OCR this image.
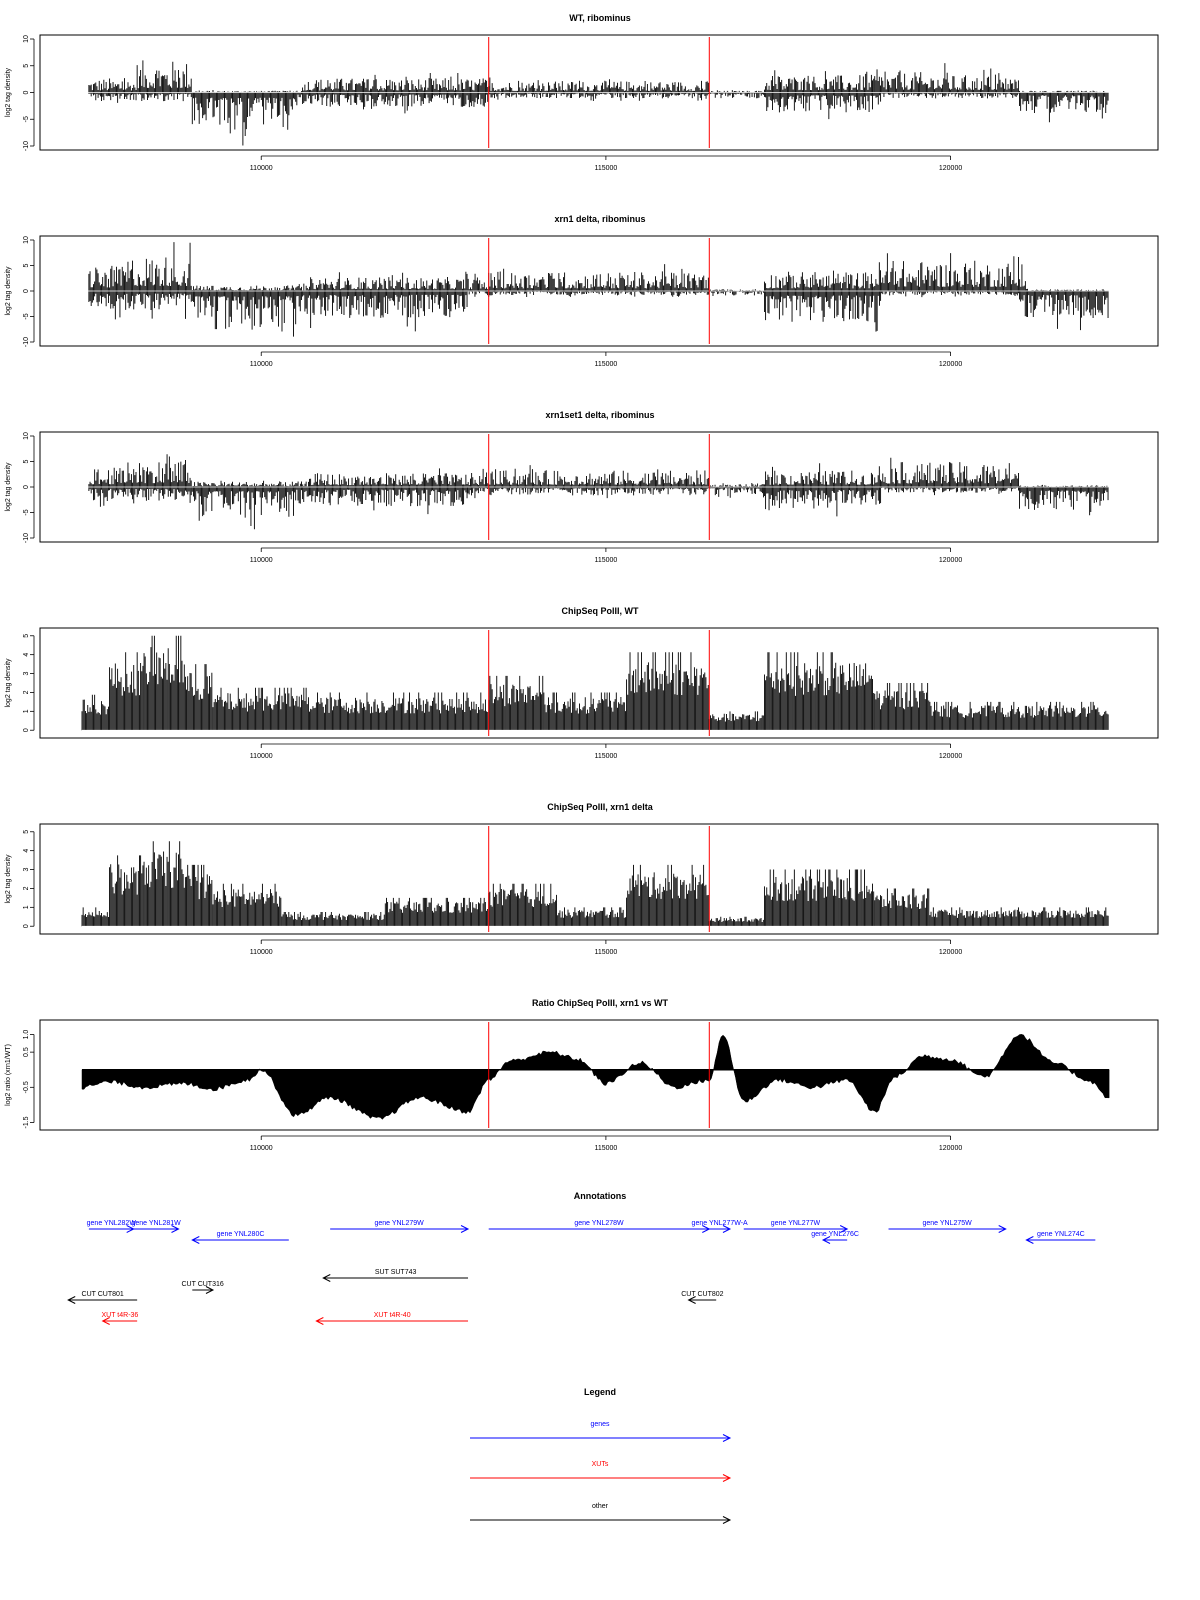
WT, ribominus
-10
-5
0
5
10
log2 tag density
110000	115000	120000
xrn1 delta, ribominus
-10
-5
0
5
10
log2 tag density
110000	115000	120000
xrn1set1 delta, ribominus
-10
-5
0
5
10
log2 tag density
110000	115000	120000
ChipSeq PolII, WT
0
1
2
3
4
5
log2 tag density
110000	115000	120000
ChipSeq PolII, xrn1 delta
0
1
2
3
4
5
log2 tag density
110000	115000	120000
Ratio ChipSeq PolII, xrn1 vs WT
-1.5
-0.5
0.5
1.0
log2 ratio (xrn1/WT)
110000	115000	120000
Annotations
gene YNL282W
gene YNL281W
gene YNL280C
gene YNL279W	gene YNL278W	gene YNL277W-A	gene YNL277W
gene YNL276C
gene YNL275W
gene YNL274C
SUT SUT743
CUT CUT316
CUT CUT801	CUT CUT802
XUT t4R-36	XUT t4R-40
Legend
genes
XUTs
other
